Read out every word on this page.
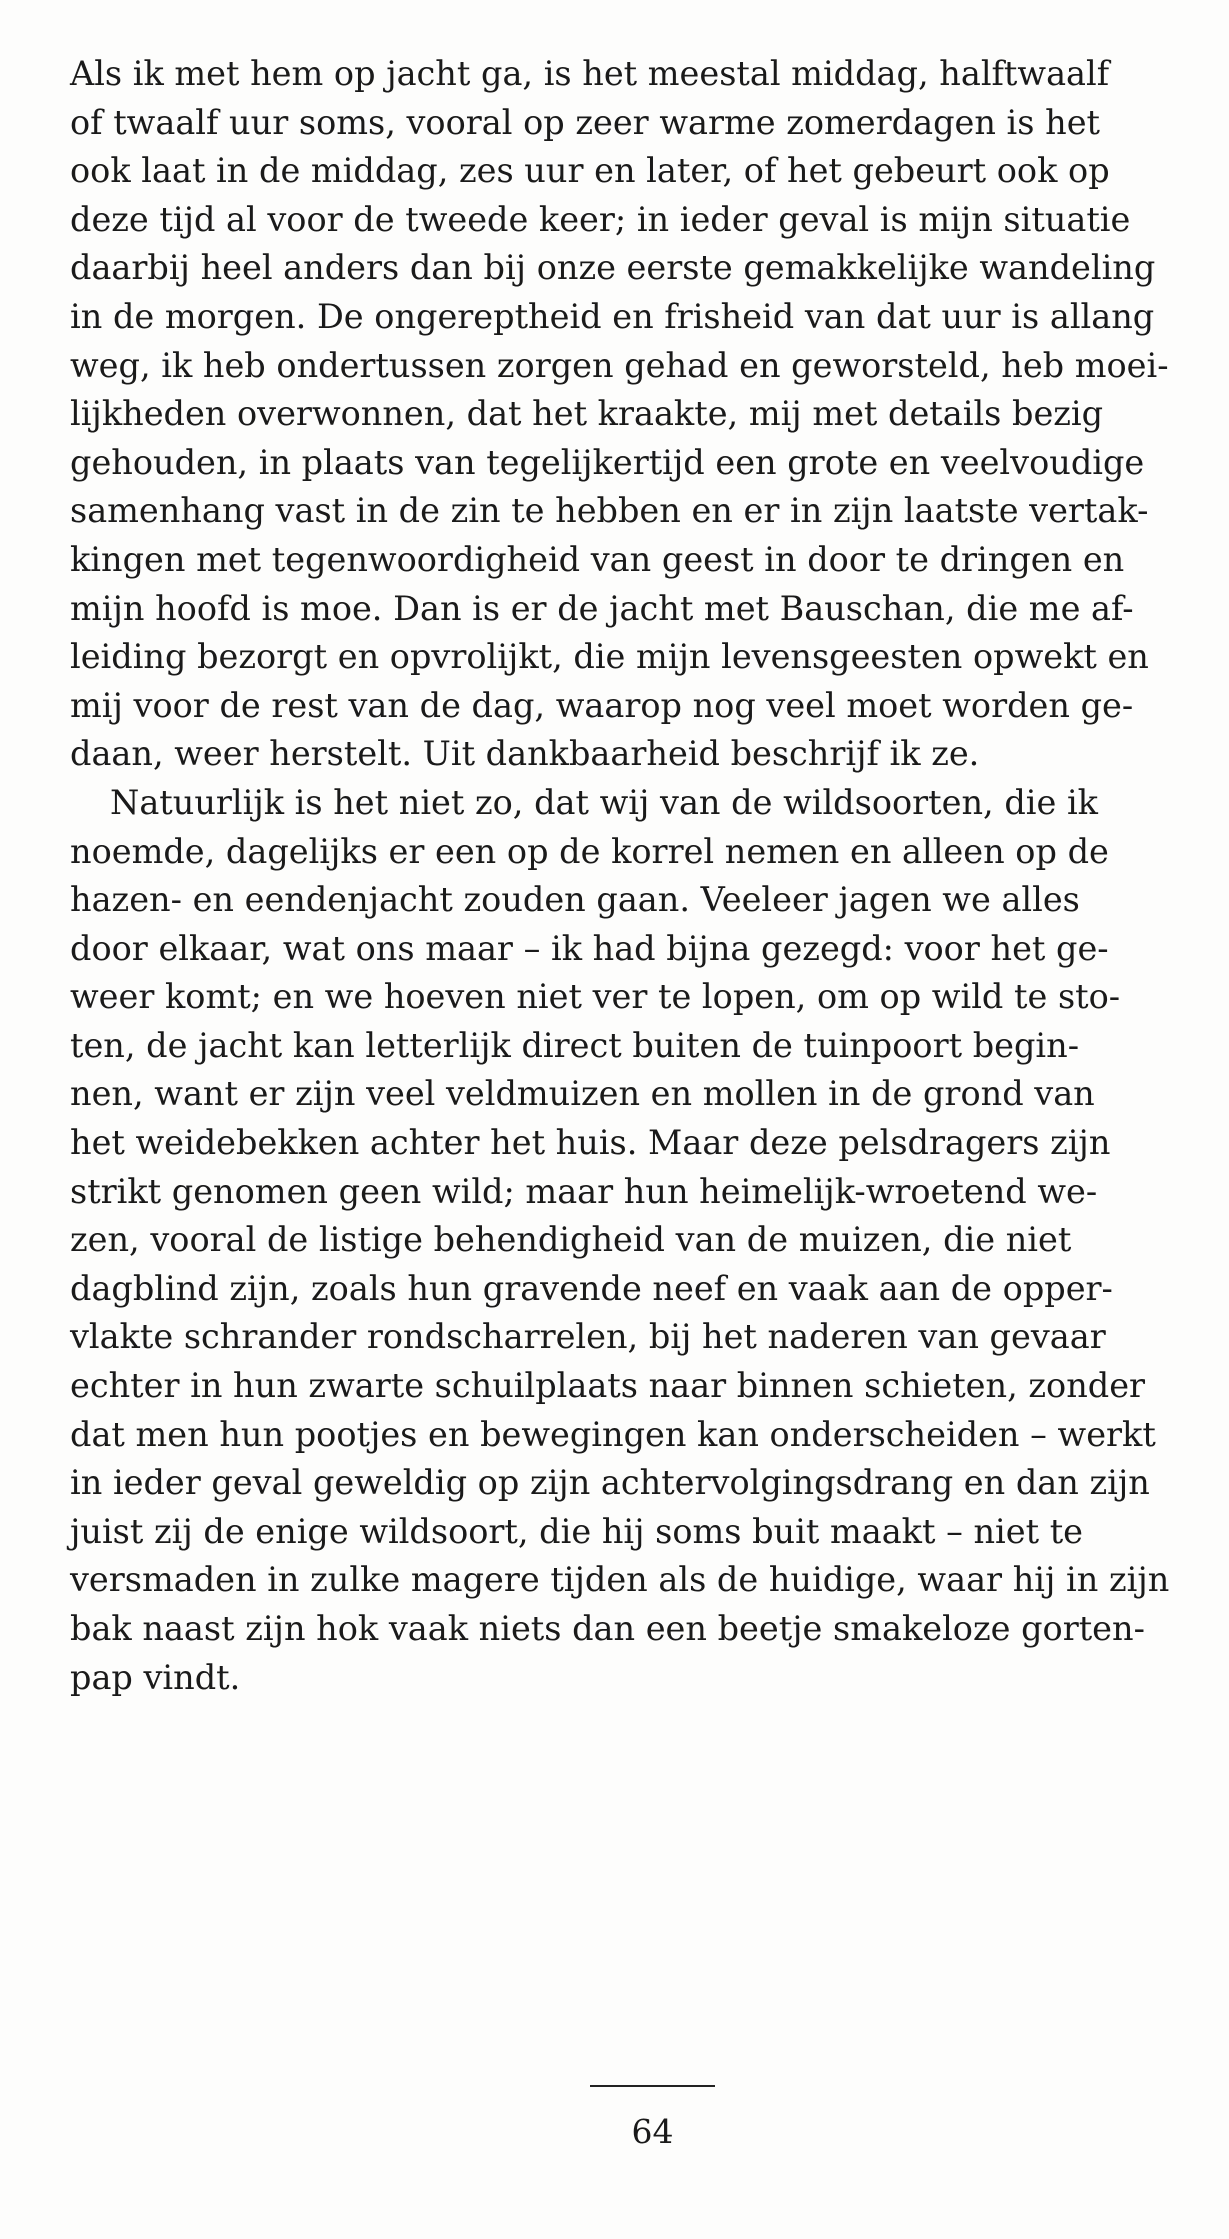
Als ik met hem op jacht ga, is het meestal middag, halftwaalf
of twaalf uur soms, vooral op zeer warme zomerdagen is het
ook laat in de middag, zes uur en later, of het gebeurt ook op
deze tijd al voor de tweede keer; in ieder geval is mijn situatie
daarbij heel anders dan bij onze eerste gemakkelijke wandeling
in de morgen. De ongereptheid en frisheid van dat uur is allang
weg, ik heb ondertussen zorgen gehad en geworsteld, heb moei-
lijkheden overwonnen, dat het kraakte, mij met details bezig
gehouden, in plaats van tegelijkertijd een grote en veelvoudige
samenhang vast in de zin te hebben en er in zijn laatste vertak-
kingen met tegenwoordigheid van geest in door te dringen en
mijn hoofd is moe. Dan is er de jacht met Bauschan, die me af-
leiding bezorgt en opvrolijkt, die mijn levensgeesten opwekt en
mij voor de rest van de dag, waarop nog veel moet worden ge-
daan, weer herstelt. Uit dankbaarheid beschrijf ik ze.

Natuurlijk is het niet zo, dat wij van de wildsoorten, die ik
noemde, dagelijks er een op de korrel nemen en alleen op de
hazen- en eendenjacht zouden gaan. Veeleer jagen we alles
door elkaar, wat ons maar – ik had bijna gezegd: voor het ge-
weer komt; en we hoeven niet ver te lopen, om op wild te sto-
ten, de jacht kan letterlijk direct buiten de tuinpoort begin-
nen, want er zijn veel veldmuizen en mollen in de grond van
het weidebekken achter het huis. Maar deze pelsdragers zijn
strikt genomen geen wild; maar hun heimelijk-wroetend we-
zen, vooral de listige behendigheid van de muizen, die niet
dagblind zijn, zoals hun gravende neef en vaak aan de opper-
vlakte schrander rondscharrelen, bij het naderen van gevaar
echter in hun zwarte schuilplaats naar binnen schieten, zonder
dat men hun pootjes en bewegingen kan onderscheiden – werkt
in ieder geval geweldig op zijn achtervolgingsdrang en dan zijn
juist zij de enige wildsoort, die hij soms buit maakt – niet te
versmaden in zulke magere tijden als de huidige, waar hij in zijn
bak naast zijn hok vaak niets dan een beetje smakeloze gorten-
pap vindt.

64
